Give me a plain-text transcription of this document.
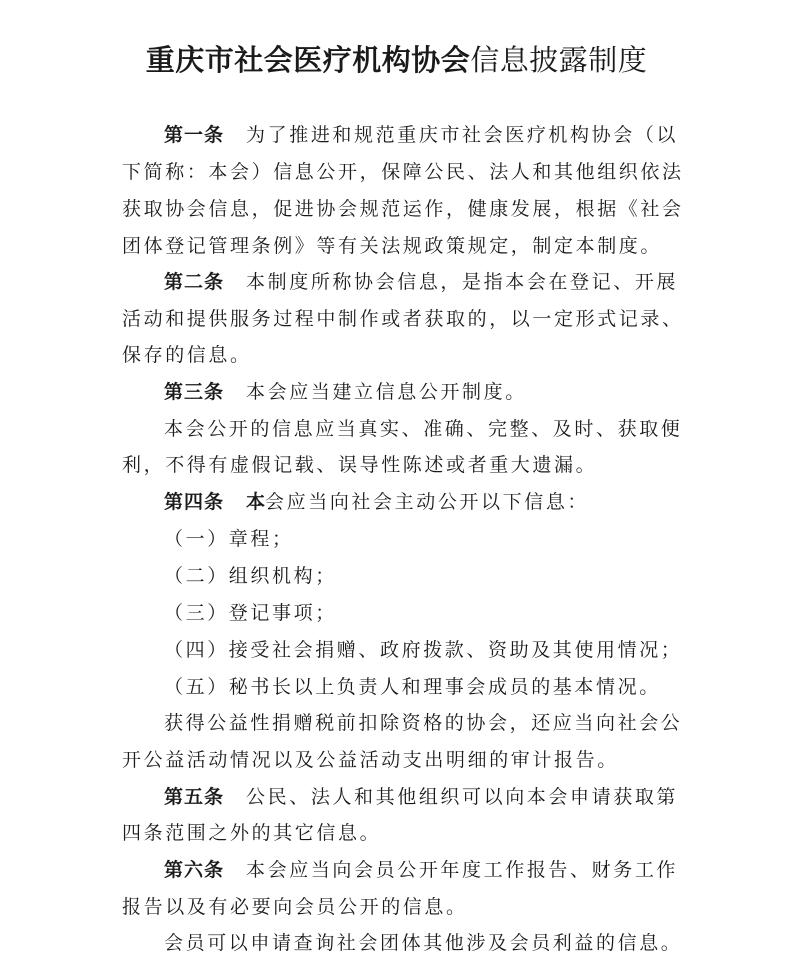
重庆市社会医疗机构协会信息披露制度
第一条 为了推进和规范重庆市社会医疗机构协会（以
下简称：本会）信息公开，保障公民、法人和其他组织依法
获取协会信息，促进协会规范运作，健康发展，根据《社会
团体登记管理条例》等有关法规政策规定，制定本制度。
第二条 本制度所称协会信息，是指本会在登记、开展
活动和提供服务过程中制作或者获取的，以一定形式记录、
保存的信息。
第三条 本会应当建立信息公开制度。
本会公开的信息应当真实、准确、完整、及时、获取便
利，不得有虚假记载、误导性陈述或者重大遗漏。
第四条 本会应当向社会主动公开以下信息：
（一）章程；
（二）组织机构；
（三）登记事项；
（四）接受社会捐赠、政府拨款、资助及其使用情况；
（五）秘书长以上负责人和理事会成员的基本情况。
获得公益性捐赠税前扣除资格的协会，还应当向社会公
开公益活动情况以及公益活动支出明细的审计报告。
第五条 公民、法人和其他组织可以向本会申请获取第
四条范围之外的其它信息。
第六条 本会应当向会员公开年度工作报告、财务工作
报告以及有必要向会员公开的信息。
会员可以申请查询社会团体其他涉及会员利益的信息。
